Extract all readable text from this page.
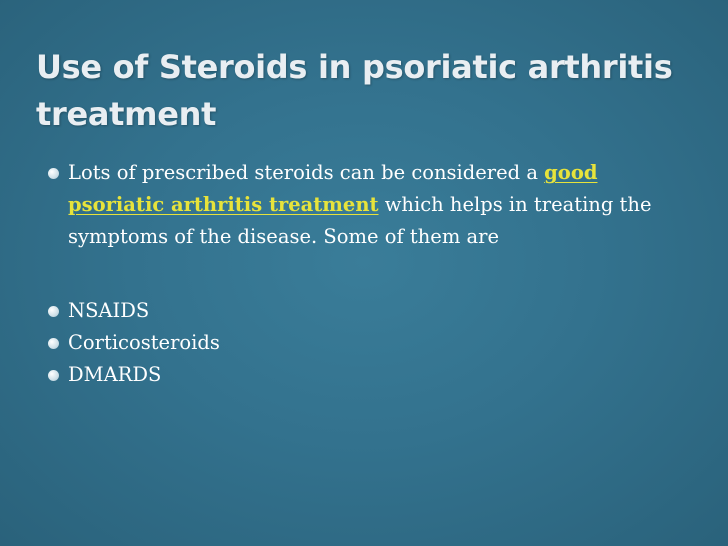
Use of Steroids in psoriatic arthritis treatment
Lots of prescribed steroids can be considered a good psoriatic arthritis treatment which helps in treating the symptoms of the disease. Some of them are
NSAIDS
Corticosteroids
DMARDS
